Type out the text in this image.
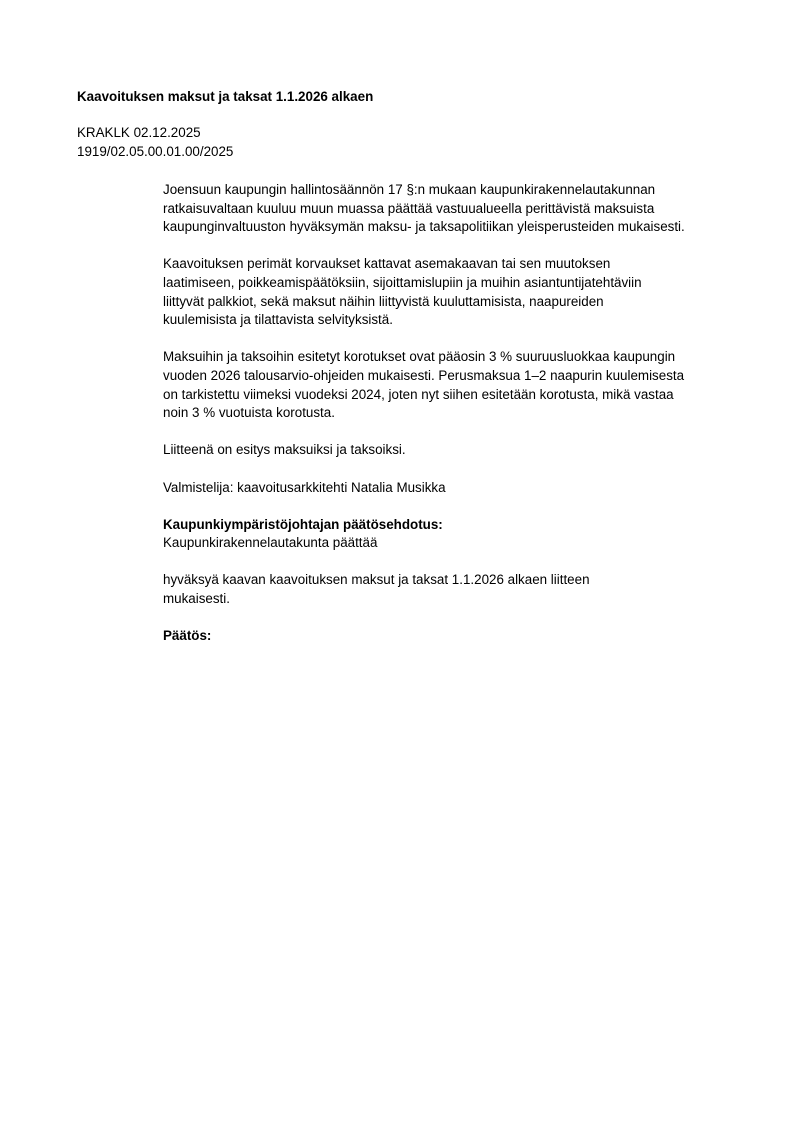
Kaavoituksen maksut ja taksat 1.1.2026 alkaen
KRAKLK 02.12.2025
1919/02.05.00.01.00/2025

Joensuun kaupungin hallintosäännön 17 §:n mukaan kaupunkirakennelautakunnan
ratkaisuvaltaan kuuluu muun muassa päättää vastuualueella perittävistä maksuista
kaupunginvaltuuston hyväksymän maksu- ja taksapolitiikan yleisperusteiden mukaisesti.

Kaavoituksen perimät korvaukset kattavat asemakaavan tai sen muutoksen
laatimiseen, poikkeamispäätöksiin, sijoittamislupiin ja muihin asiantuntijatehtäviin
liittyvät palkkiot, sekä maksut näihin liittyvistä kuuluttamisista, naapureiden
kuulemisista ja tilattavista selvityksistä.

Maksuihin ja taksoihin esitetyt korotukset ovat pääosin 3 % suuruusluokkaa kaupungin
vuoden 2026 talousarvio-ohjeiden mukaisesti. Perusmaksua 1–2 naapurin kuulemisesta
on tarkistettu viimeksi vuodeksi 2024, joten nyt siihen esitetään korotusta, mikä vastaa
noin 3 % vuotuista korotusta.

Liitteenä on esitys maksuiksi ja taksoiksi.

Valmistelija: kaavoitusarkkitehti Natalia Musikka

Kaupunkiympäristöjohtajan päätösehdotus:
Kaupunkirakennelautakunta päättää

hyväksyä kaavan kaavoituksen maksut ja taksat 1.1.2026 alkaen liitteen
mukaisesti.

Päätös:
